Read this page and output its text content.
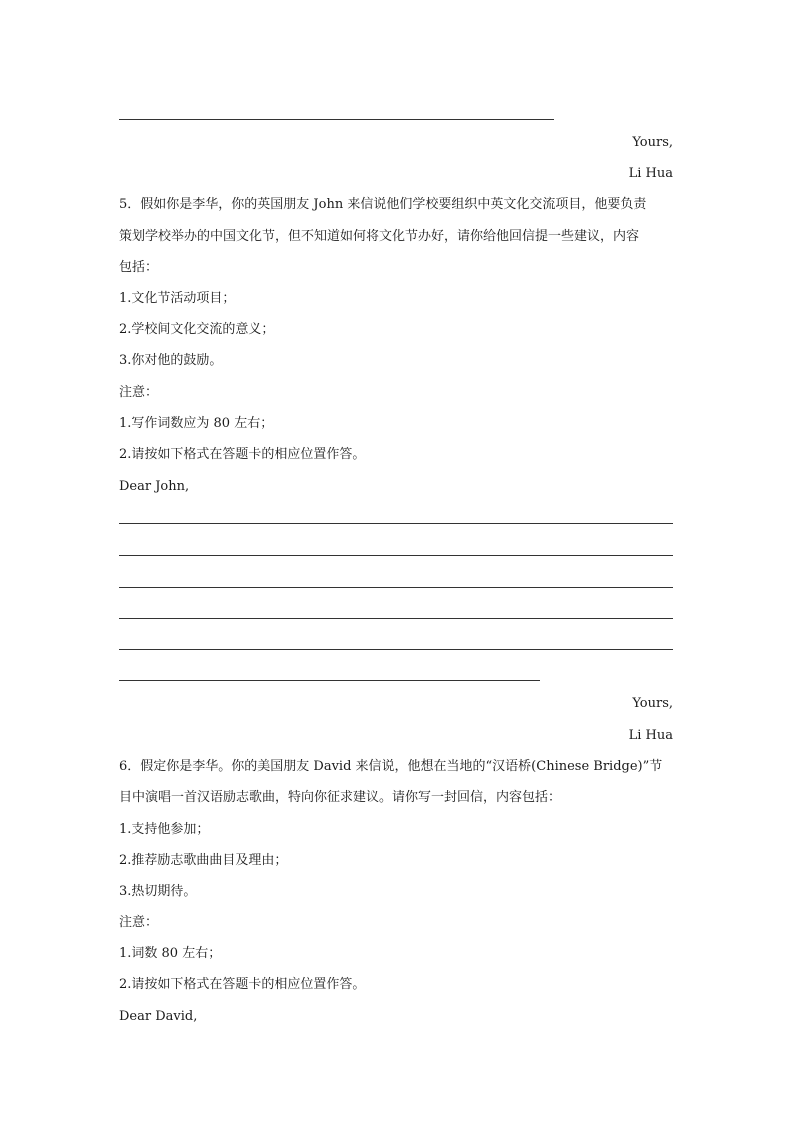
Yours,
Li Hua
5．假如你是李华，你的英国朋友 John 来信说他们学校要组织中英文化交流项目，他要负责
策划学校举办的中国文化节，但不知道如何将文化节办好，请你给他回信提一些建议，内容
包括：
1.文化节活动项目；
2.学校间文化交流的意义；
3.你对他的鼓励。
注意：
1.写作词数应为 80 左右；
2.请按如下格式在答题卡的相应位置作答。
Dear John,
Yours,
Li Hua
6．假定你是李华。你的美国朋友 David 来信说，他想在当地的“汉语桥(Chinese Bridge)”节
目中演唱一首汉语励志歌曲，特向你征求建议。请你写一封回信，内容包括：
1.支持他参加；
2.推荐励志歌曲曲目及理由；
3.热切期待。
注意：
1.词数 80 左右；
2.请按如下格式在答题卡的相应位置作答。
Dear David,
